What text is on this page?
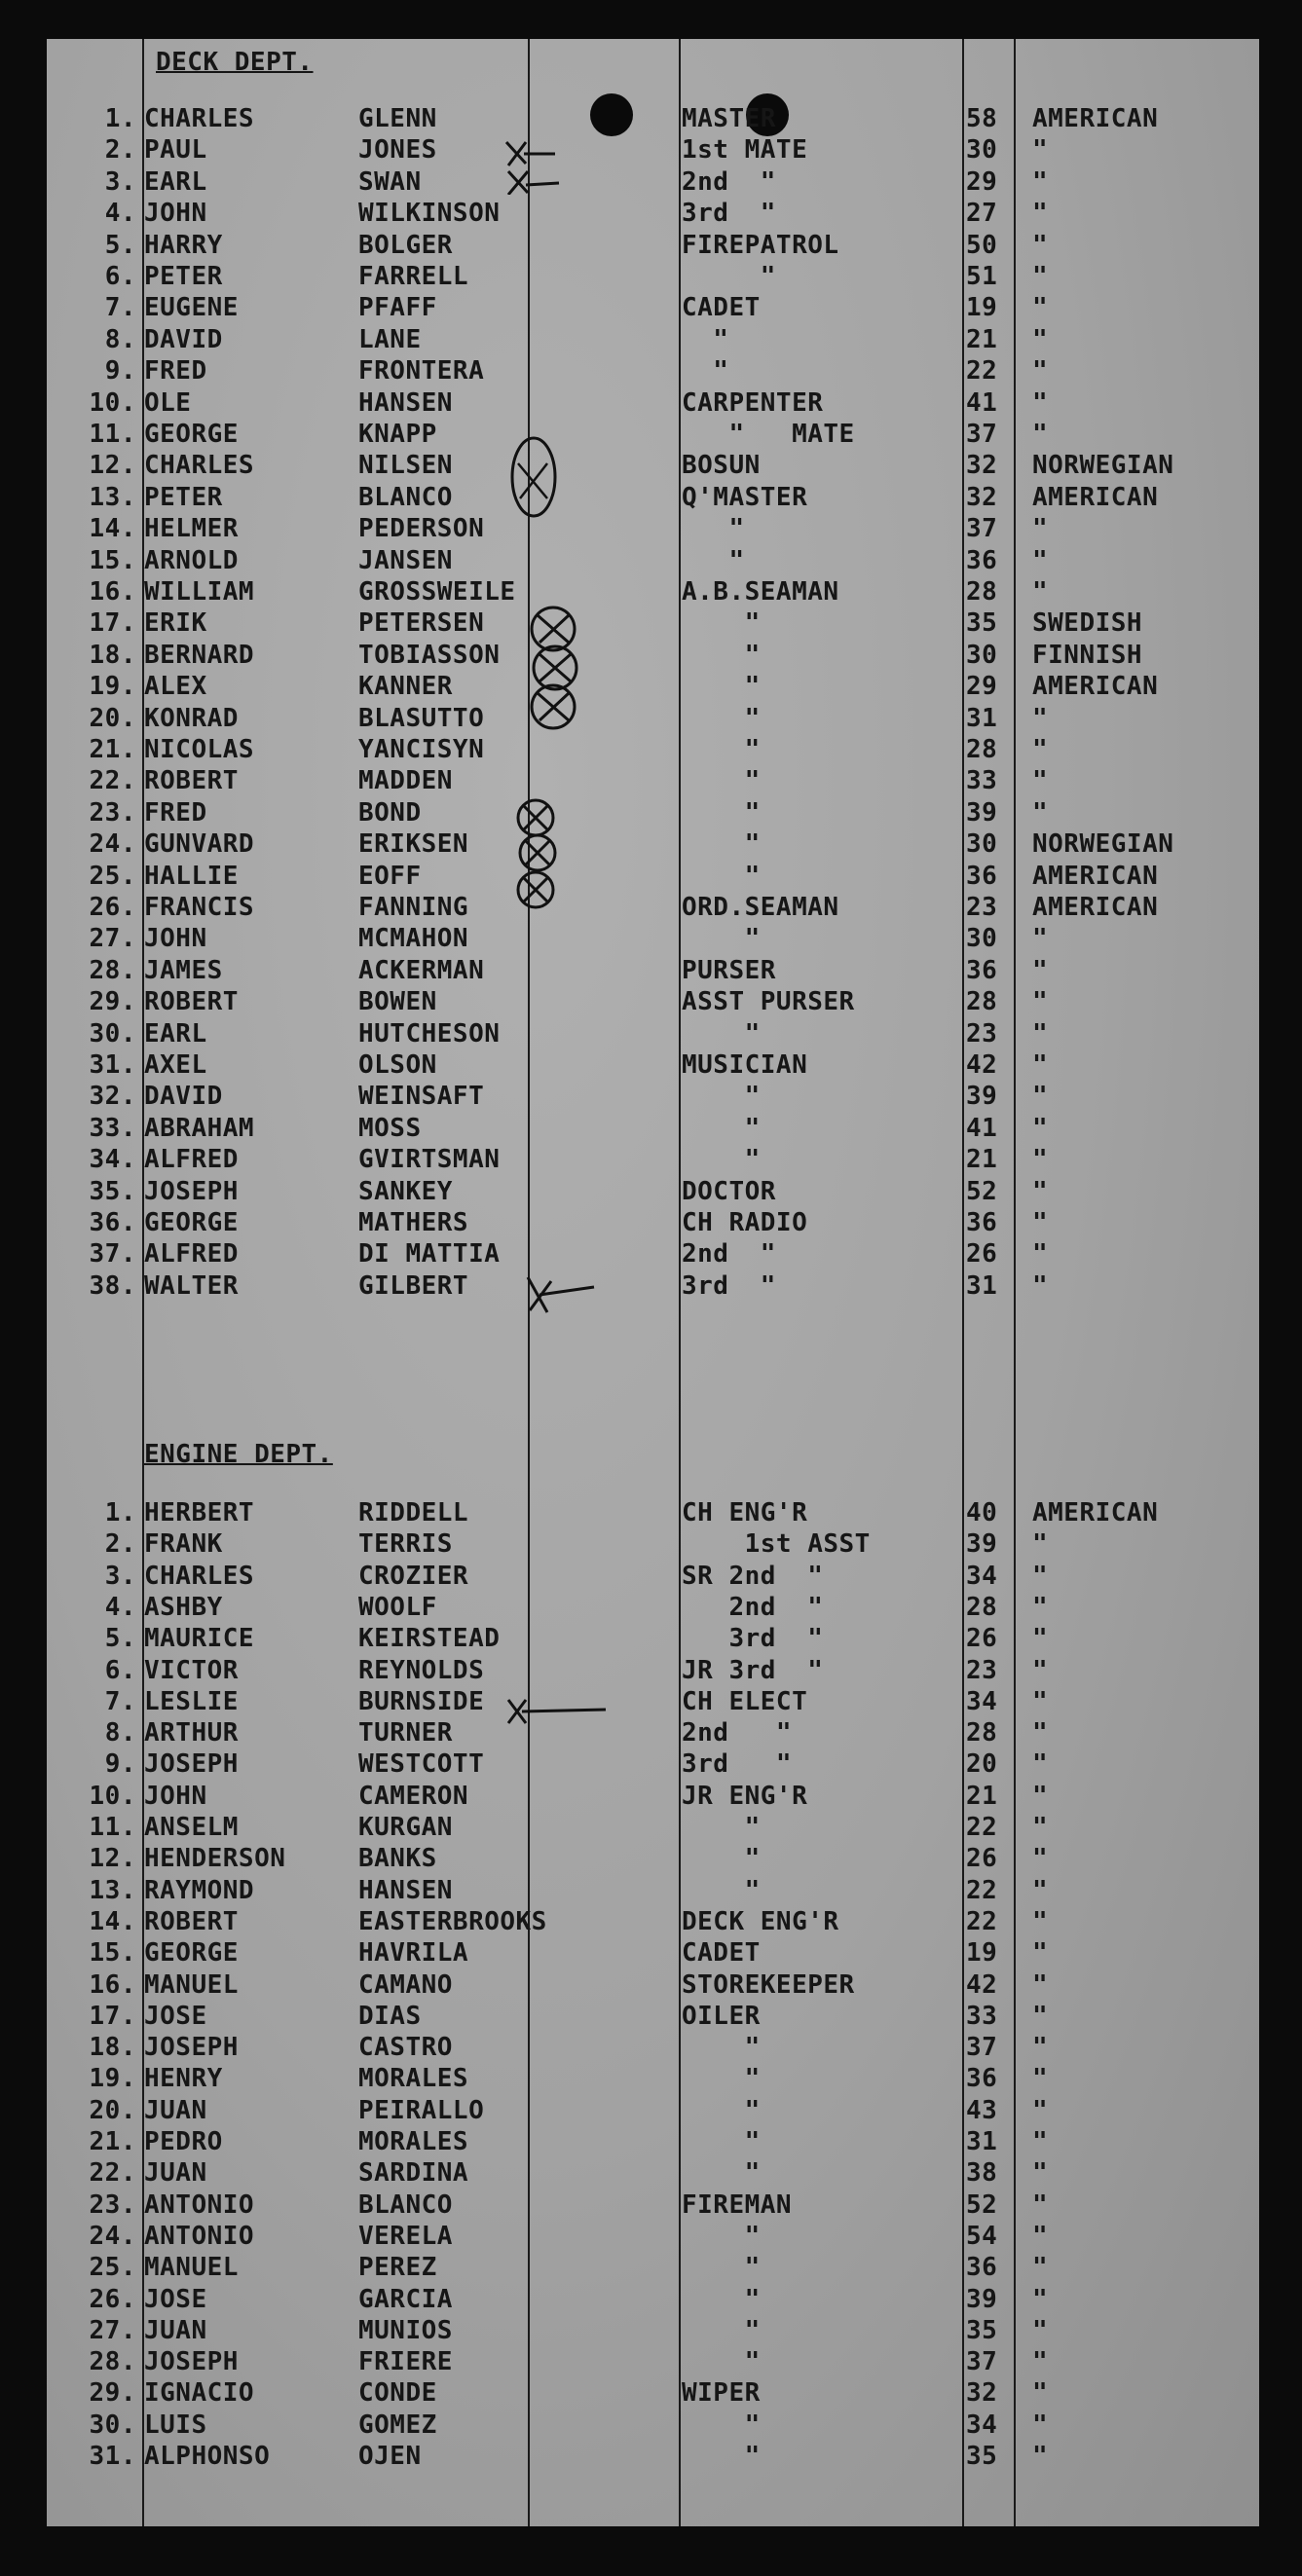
DECK DEPT.
1. CHARLES	GLENN	MASTER	58 AMERICAN
2. PAUL	JONES	1st MATE	30 "
3. EARL	SWAN	2nd  "	29 "
4. JOHN	WILKINSON	3rd  "	27 "
5. HARRY	BOLGER	FIREPATROL	50 "
6. PETER	FARRELL	"	51 "
7. EUGENE	PFAFF	CADET	19 "
8. DAVID	LANE	"	21 "
9. FRED	FRONTERA	"	22 "
10. OLE	HANSEN	CARPENTER	41 "
11. GEORGE	KNAPP	"   MATE	37 "
12. CHARLES	NILSEN	BOSUN	32 NORWEGIAN
13. PETER	BLANCO	Q'MASTER	32 AMERICAN
14. HELMER	PEDERSON	"	37 "
15. ARNOLD	JANSEN	"	36 "
16. WILLIAM	GROSSWEILE	A.B.SEAMAN	28 "
17. ERIK	PETERSEN	"	35 SWEDISH
18. BERNARD	TOBIASSON	"	30 FINNISH
19. ALEX	KANNER	"	29 AMERICAN
20. KONRAD	BLASUTTO	"	31 "
21. NICOLAS	YANCISYN	"	28 "
22. ROBERT	MADDEN	"	33 "
23. FRED	BOND	"	39 "
24. GUNVARD	ERIKSEN	"	30 NORWEGIAN
25. HALLIE	EOFF	"	36 AMERICAN
26. FRANCIS	FANNING	ORD.SEAMAN	23 AMERICAN
27. JOHN	MCMAHON	"	30 "
28. JAMES	ACKERMAN	PURSER	36 "
29. ROBERT	BOWEN	ASST PURSER	28 "
30. EARL	HUTCHESON	"	23 "
31. AXEL	OLSON	MUSICIAN	42 "
32. DAVID	WEINSAFT	"	39 "
33. ABRAHAM	MOSS	"	41 "
34. ALFRED	GVIRTSMAN	"	21 "
35. JOSEPH	SANKEY	DOCTOR	52 "
36. GEORGE	MATHERS	CH RADIO	36 "
37. ALFRED	DI MATTIA	2nd  "	26 "
38. WALTER	GILBERT	3rd  "	31 "
ENGINE DEPT.
1. HERBERT	RIDDELL	CH ENG'R	40 AMERICAN
2. FRANK	TERRIS	1st ASST	39 "
3. CHARLES	CROZIER	SR 2nd  "	34 "
4. ASHBY	WOOLF	2nd  "	28 "
5. MAURICE	KEIRSTEAD	3rd  "	26 "
6. VICTOR	REYNOLDS	JR 3rd  "	23 "
7. LESLIE	BURNSIDE	CH ELECT	34 "
8. ARTHUR	TURNER	2nd   "	28 "
9. JOSEPH	WESTCOTT	3rd   "	20 "
10. JOHN	CAMERON	JR ENG'R	21 "
11. ANSELM	KURGAN	"	22 "
12. HENDERSON	BANKS	"	26 "
13. RAYMOND	HANSEN	"	22 "
14. ROBERT	EASTERBROOKS	DECK ENG'R	22 "
15. GEORGE	HAVRILA	CADET	19 "
16. MANUEL	CAMANO	STOREKEEPER	42 "
17. JOSE	DIAS	OILER	33 "
18. JOSEPH	CASTRO	"	37 "
19. HENRY	MORALES	"	36 "
20. JUAN	PEIRALLO	"	43 "
21. PEDRO	MORALES	"	31 "
22. JUAN	SARDINA	"	38 "
23. ANTONIO	BLANCO	FIREMAN	52 "
24. ANTONIO	VERELA	"	54 "
25. MANUEL	PEREZ	"	36 "
26. JOSE	GARCIA	"	39 "
27. JUAN	MUNIOS	"	35 "
28. JOSEPH	FRIERE	"	37 "
29. IGNACIO	CONDE	WIPER	32 "
30. LUIS	GOMEZ	"	34 "
31. ALPHONSO	OJEN	"	35 "
